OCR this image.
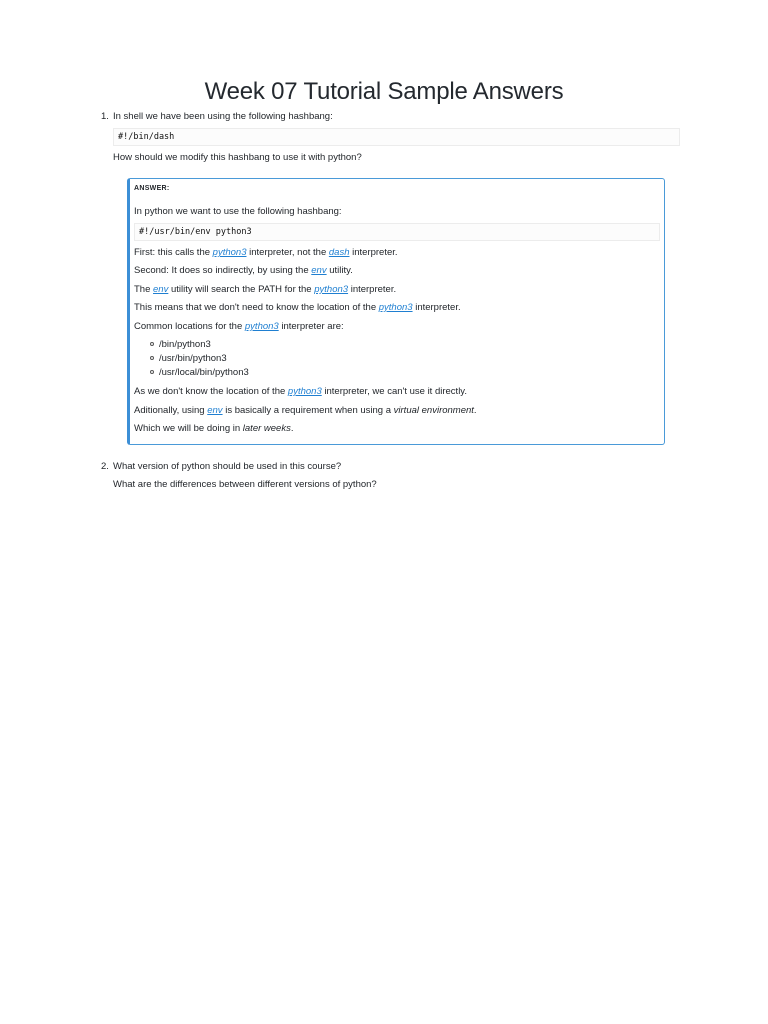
Week 07 Tutorial Sample Answers
1. In shell we have been using the following hashbang:
#!/bin/dash
How should we modify this hashbang to use it with python?
ANSWER:
In python we want to use the following hashbang:
#!/usr/bin/env python3
First: this calls the python3 interpreter, not the dash interpreter.
Second: It does so indirectly, by using the env utility.
The env utility will search the PATH for the python3 interpreter.
This means that we don't need to know the location of the python3 interpreter.
Common locations for the python3 interpreter are:
/bin/python3
/usr/bin/python3
/usr/local/bin/python3
As we don't know the location of the python3 interpreter, we can't use it directly.
Aditionally, using env is basically a requirement when using a virtual environment.
Which we will be doing in later weeks.
2. What version of python should be used in this course?
What are the differences between different versions of python?
